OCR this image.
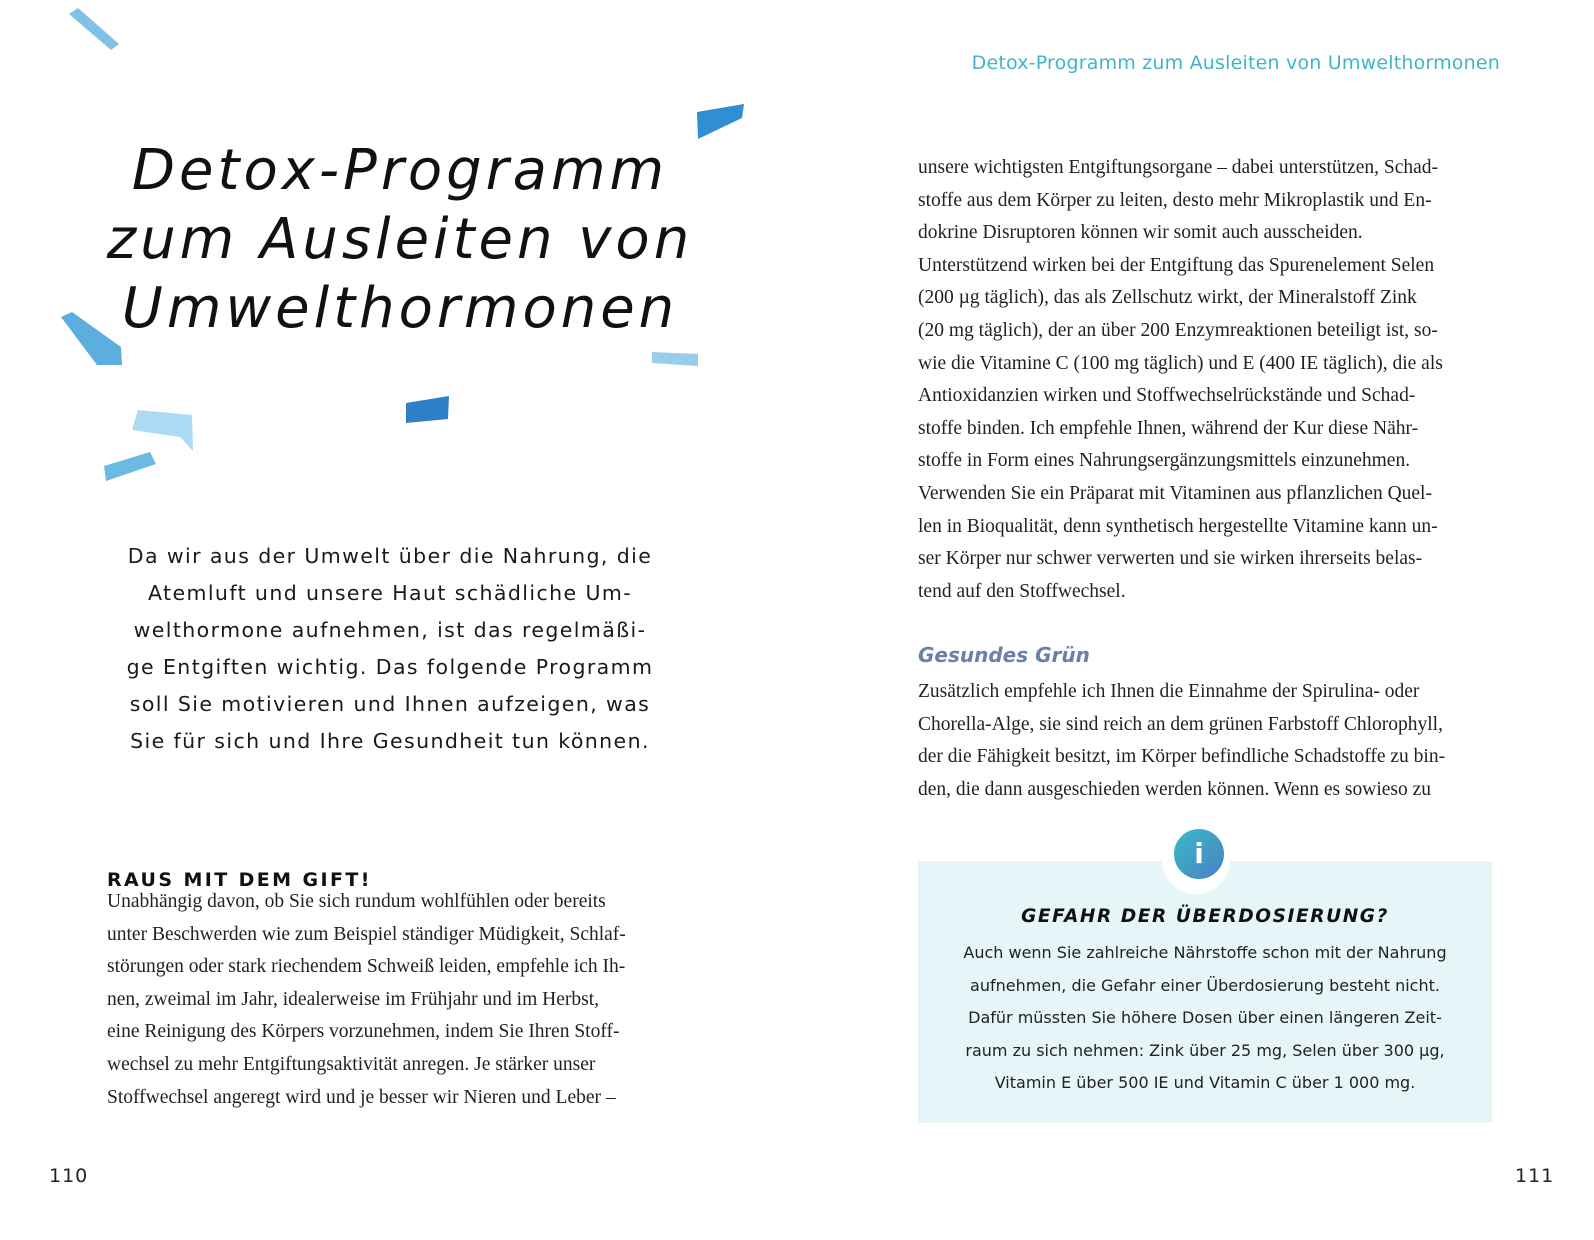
Detox-Programm zum Ausleiten von Umwelthormonen
Detox-Programm
zum Ausleiten von
Umwelthormonen

Da wir aus der Umwelt über die Nahrung, die
Atemluft und unsere Haut schädliche Um-
welthormone aufnehmen, ist das regelmäßi-
ge Entgiften wichtig. Das folgende Programm
soll Sie motivieren und Ihnen aufzeigen, was
Sie für sich und Ihre Gesundheit tun können.

RAUS MIT DEM GIFT!

Unabhängig davon, ob Sie sich rundum wohlfühlen oder bereits
unter Beschwerden wie zum Beispiel ständiger Müdigkeit, Schlaf-
störungen oder stark riechendem Schweiß leiden, empfehle ich Ih-
nen, zweimal im Jahr, idealerweise im Frühjahr und im Herbst,
eine Reinigung des Körpers vorzunehmen, indem Sie Ihren Stoff-
wechsel zu mehr Entgiftungsaktivität anregen. Je stärker unser
Stoffwechsel angeregt wird und je besser wir Nieren und Leber –

unsere wichtigsten Entgiftungsorgane – dabei unterstützen, Schad-
stoffe aus dem Körper zu leiten, desto mehr Mikroplastik und En-
dokrine Disruptoren können wir somit auch ausscheiden.
Unterstützend wirken bei der Entgiftung das Spurenelement Selen
(200 µg täglich), das als Zellschutz wirkt, der Mineralstoff Zink
(20 mg täglich), der an über 200 Enzymreaktionen beteiligt ist, so-
wie die Vitamine C (100 mg täglich) und E (400 IE täglich), die als
Antioxidanzien wirken und Stoffwechselrückstände und Schad-
stoffe binden. Ich empfehle Ihnen, während der Kur diese Nähr-
stoffe in Form eines Nahrungsergänzungsmittels einzunehmen.
Verwenden Sie ein Präparat mit Vitaminen aus pflanzlichen Quel-
len in Bioqualität, denn synthetisch hergestellte Vitamine kann un-
ser Körper nur schwer verwerten und sie wirken ihrerseits belas-
tend auf den Stoffwechsel.

Gesundes Grün

Zusätzlich empfehle ich Ihnen die Einnahme der Spirulina- oder
Chorella-Alge, sie sind reich an dem grünen Farbstoff Chlorophyll,
der die Fähigkeit besitzt, im Körper befindliche Schadstoffe zu bin-
den, die dann ausgeschieden werden können. Wenn es sowieso zu

i
GEFAHR DER ÜBERDOSIERUNG?

Auch wenn Sie zahlreiche Nährstoffe schon mit der Nahrung
aufnehmen, die Gefahr einer Überdosierung besteht nicht.
Dafür müssten Sie höhere Dosen über einen längeren Zeit-
raum zu sich nehmen: Zink über 25 mg, Selen über 300 µg,
Vitamin E über 500 IE und Vitamin C über 1 000 mg.

110	111
